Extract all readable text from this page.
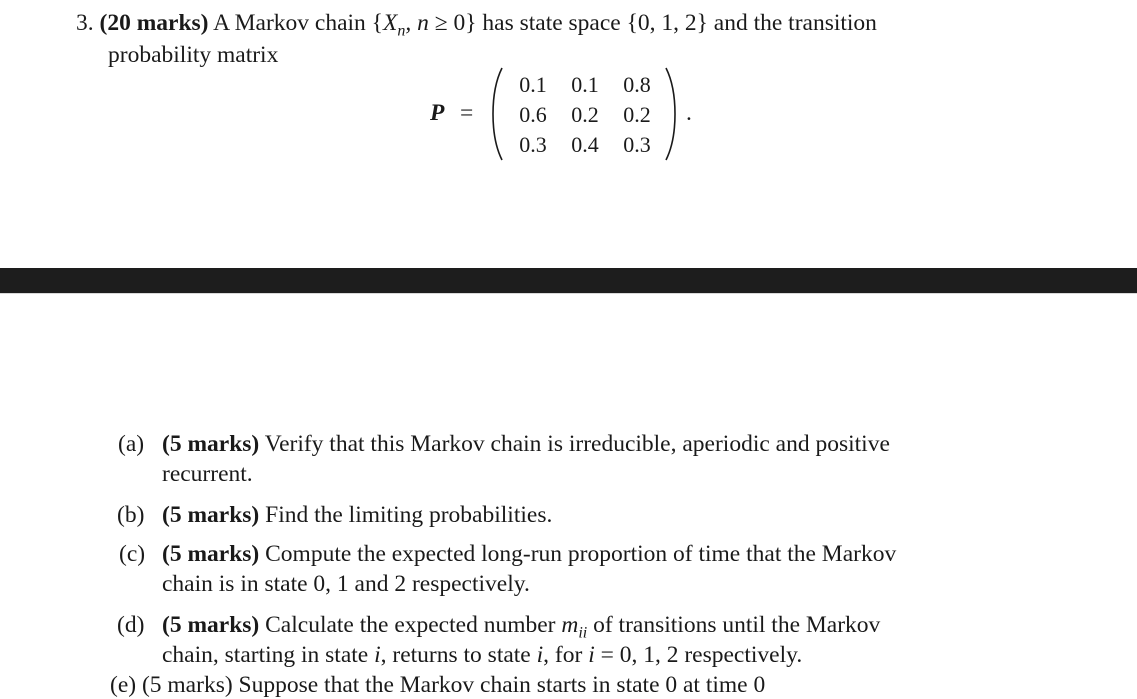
3. (20 marks) A Markov chain {$X_n$, n ≥ 0} has state space {0, 1, 2} and the transition
probability matrix
P =
0.1 0.1 0.8
0.6 0.2 0.2
0.3 0.4 0.3
.
(a) (5 marks) Verify that this Markov chain is irreducible, aperiodic and positive
recurrent.
(b) (5 marks) Find the limiting probabilities.
(c) (5 marks) Compute the expected long-run proportion of time that the Markov
chain is in state 0, 1 and 2 respectively.
(d) (5 marks) Calculate the expected number $m_{ii}$ of transitions until the Markov
chain, starting in state i, returns to state i, for i = 0, 1, 2 respectively.
(e) (5 marks) Suppose that the Markov chain starts in state 0 at time 0
